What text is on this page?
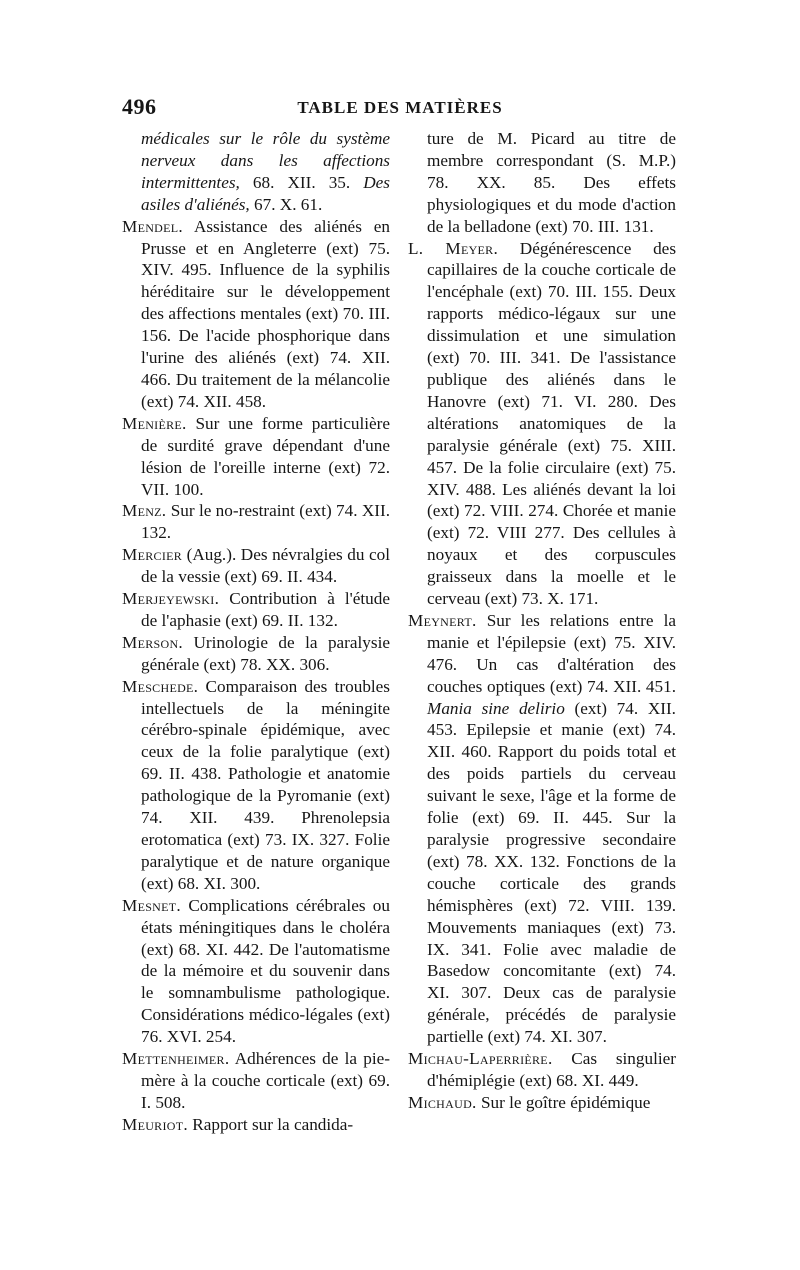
496	TABLE DES MATIÈRES

médicales sur le rôle du système nerveux dans les affections intermittentes, 68. XII. 35. Des asiles d'aliénés, 67. X. 61.

Mendel. Assistance des aliénés en Prusse et en Angleterre (ext) 75. XIV. 495. Influence de la syphilis héréditaire sur le développement des affections mentales (ext) 70. III. 156. De l'acide phosphorique dans l'urine des aliénés (ext) 74. XII. 466. Du traitement de la mélancolie (ext) 74. XII. 458.

Menière. Sur une forme particulière de surdité grave dépendant d'une lésion de l'oreille interne (ext) 72. VII. 100.

Menz. Sur le no-restraint (ext) 74. XII. 132.

Mercier (Aug.). Des névralgies du col de la vessie (ext) 69. II. 434.

Merjeyewski. Contribution à l'étude de l'aphasie (ext) 69. II. 132.

Merson. Urinologie de la paralysie générale (ext) 78. XX. 306.

Meschede. Comparaison des troubles intellectuels de la méningite cérébro-spinale épidémique, avec ceux de la folie paralytique (ext) 69. II. 438. Pathologie et anatomie pathologique de la Pyromanie (ext) 74. XII. 439. Phrenolepsia erotomatica (ext) 73. IX. 327. Folie paralytique et de nature organique (ext) 68. XI. 300.

Mesnet. Complications cérébrales ou états méningitiques dans le choléra (ext) 68. XI. 442. De l'automatisme de la mémoire et du souvenir dans le somnambulisme pathologique. Considérations médico-légales (ext) 76. XVI. 254.

Mettenheimer. Adhérences de la pie-mère à la couche corticale (ext) 69. I. 508.

Meuriot. Rapport sur la candida-

ture de M. Picard au titre de membre correspondant (S. M.P.) 78. XX. 85. Des effets physiologiques et du mode d'action de la belladone (ext) 70. III. 131.

L. Meyer. Dégénérescence des capillaires de la couche corticale de l'encéphale (ext) 70. III. 155. Deux rapports médico-légaux sur une dissimulation et une simulation (ext) 70. III. 341. De l'assistance publique des aliénés dans le Hanovre (ext) 71. VI. 280. Des altérations anatomiques de la paralysie générale (ext) 75. XIII. 457. De la folie circulaire (ext) 75. XIV. 488. Les aliénés devant la loi (ext) 72. VIII. 274. Chorée et manie (ext) 72. VIII 277. Des cellules à noyaux et des corpuscules graisseux dans la moelle et le cerveau (ext) 73. X. 171.

Meynert. Sur les relations entre la manie et l'épilepsie (ext) 75. XIV. 476. Un cas d'altération des couches optiques (ext) 74. XII. 451. Mania sine delirio (ext) 74. XII. 453. Epilepsie et manie (ext) 74. XII. 460. Rapport du poids total et des poids partiels du cerveau suivant le sexe, l'âge et la forme de folie (ext) 69. II. 445. Sur la paralysie progressive secondaire (ext) 78. XX. 132. Fonctions de la couche corticale des grands hémisphères (ext) 72. VIII. 139. Mouvements maniaques (ext) 73. IX. 341. Folie avec maladie de Basedow concomitante (ext) 74. XI. 307. Deux cas de paralysie générale, précédés de paralysie partielle (ext) 74. XI. 307.

Michau-Laperrière. Cas singulier d'hémiplégie (ext) 68. XI. 449.

Michaud. Sur le goître épidémique
